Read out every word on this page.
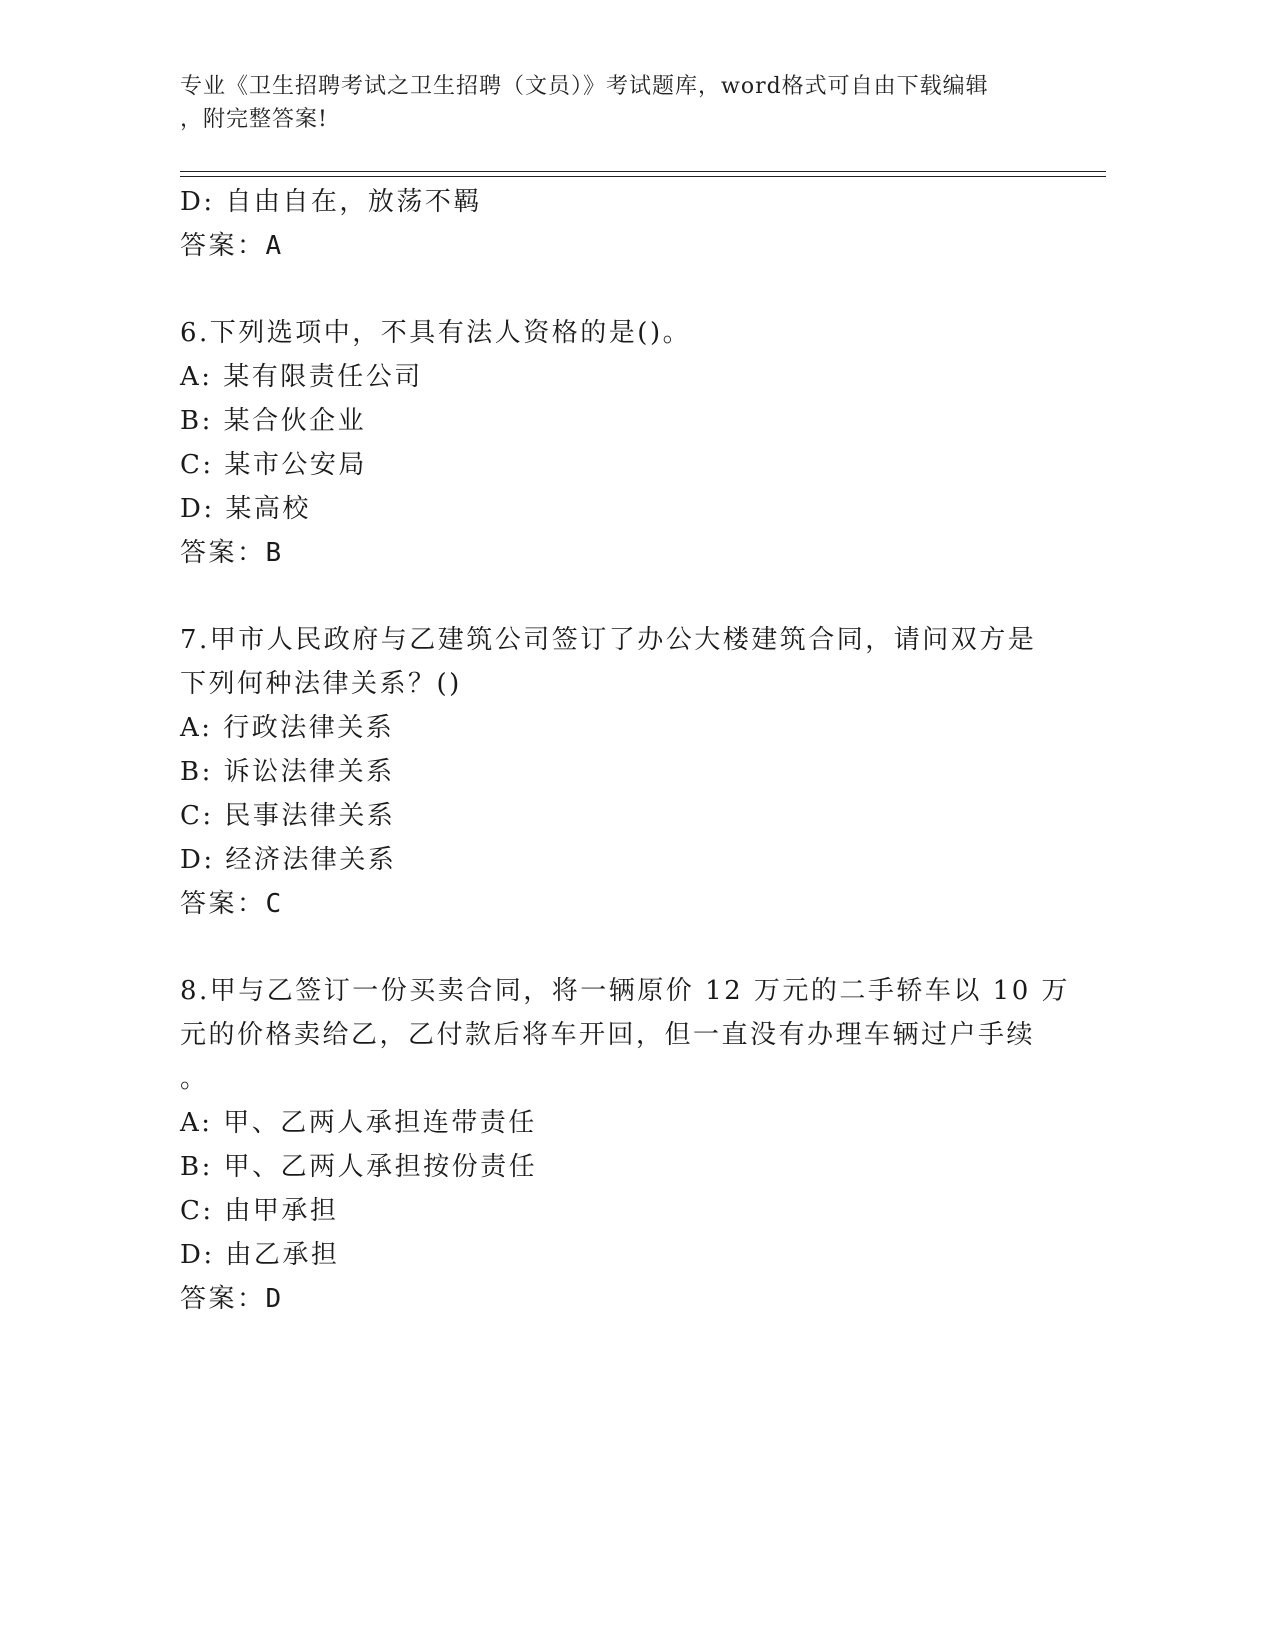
专业《卫生招聘考试之卫生招聘（文员）》考试题库，word格式可自由下载编辑
，附完整答案!
D: 自由自在，放荡不羁
答案：A
6.下列选项中，不具有法人资格的是()。
A: 某有限责任公司
B: 某合伙企业
C: 某市公安局
D: 某高校
答案：B
7.甲市人民政府与乙建筑公司签订了办公大楼建筑合同，请问双方是
下列何种法律关系？()
A: 行政法律关系
B: 诉讼法律关系
C: 民事法律关系
D: 经济法律关系
答案：C
8.甲与乙签订一份买卖合同，将一辆原价 12 万元的二手轿车以 10 万
元的价格卖给乙，乙付款后将车开回，但一直没有办理车辆过户手续
。
A: 甲、乙两人承担连带责任
B: 甲、乙两人承担按份责任
C: 由甲承担
D: 由乙承担
答案：D
